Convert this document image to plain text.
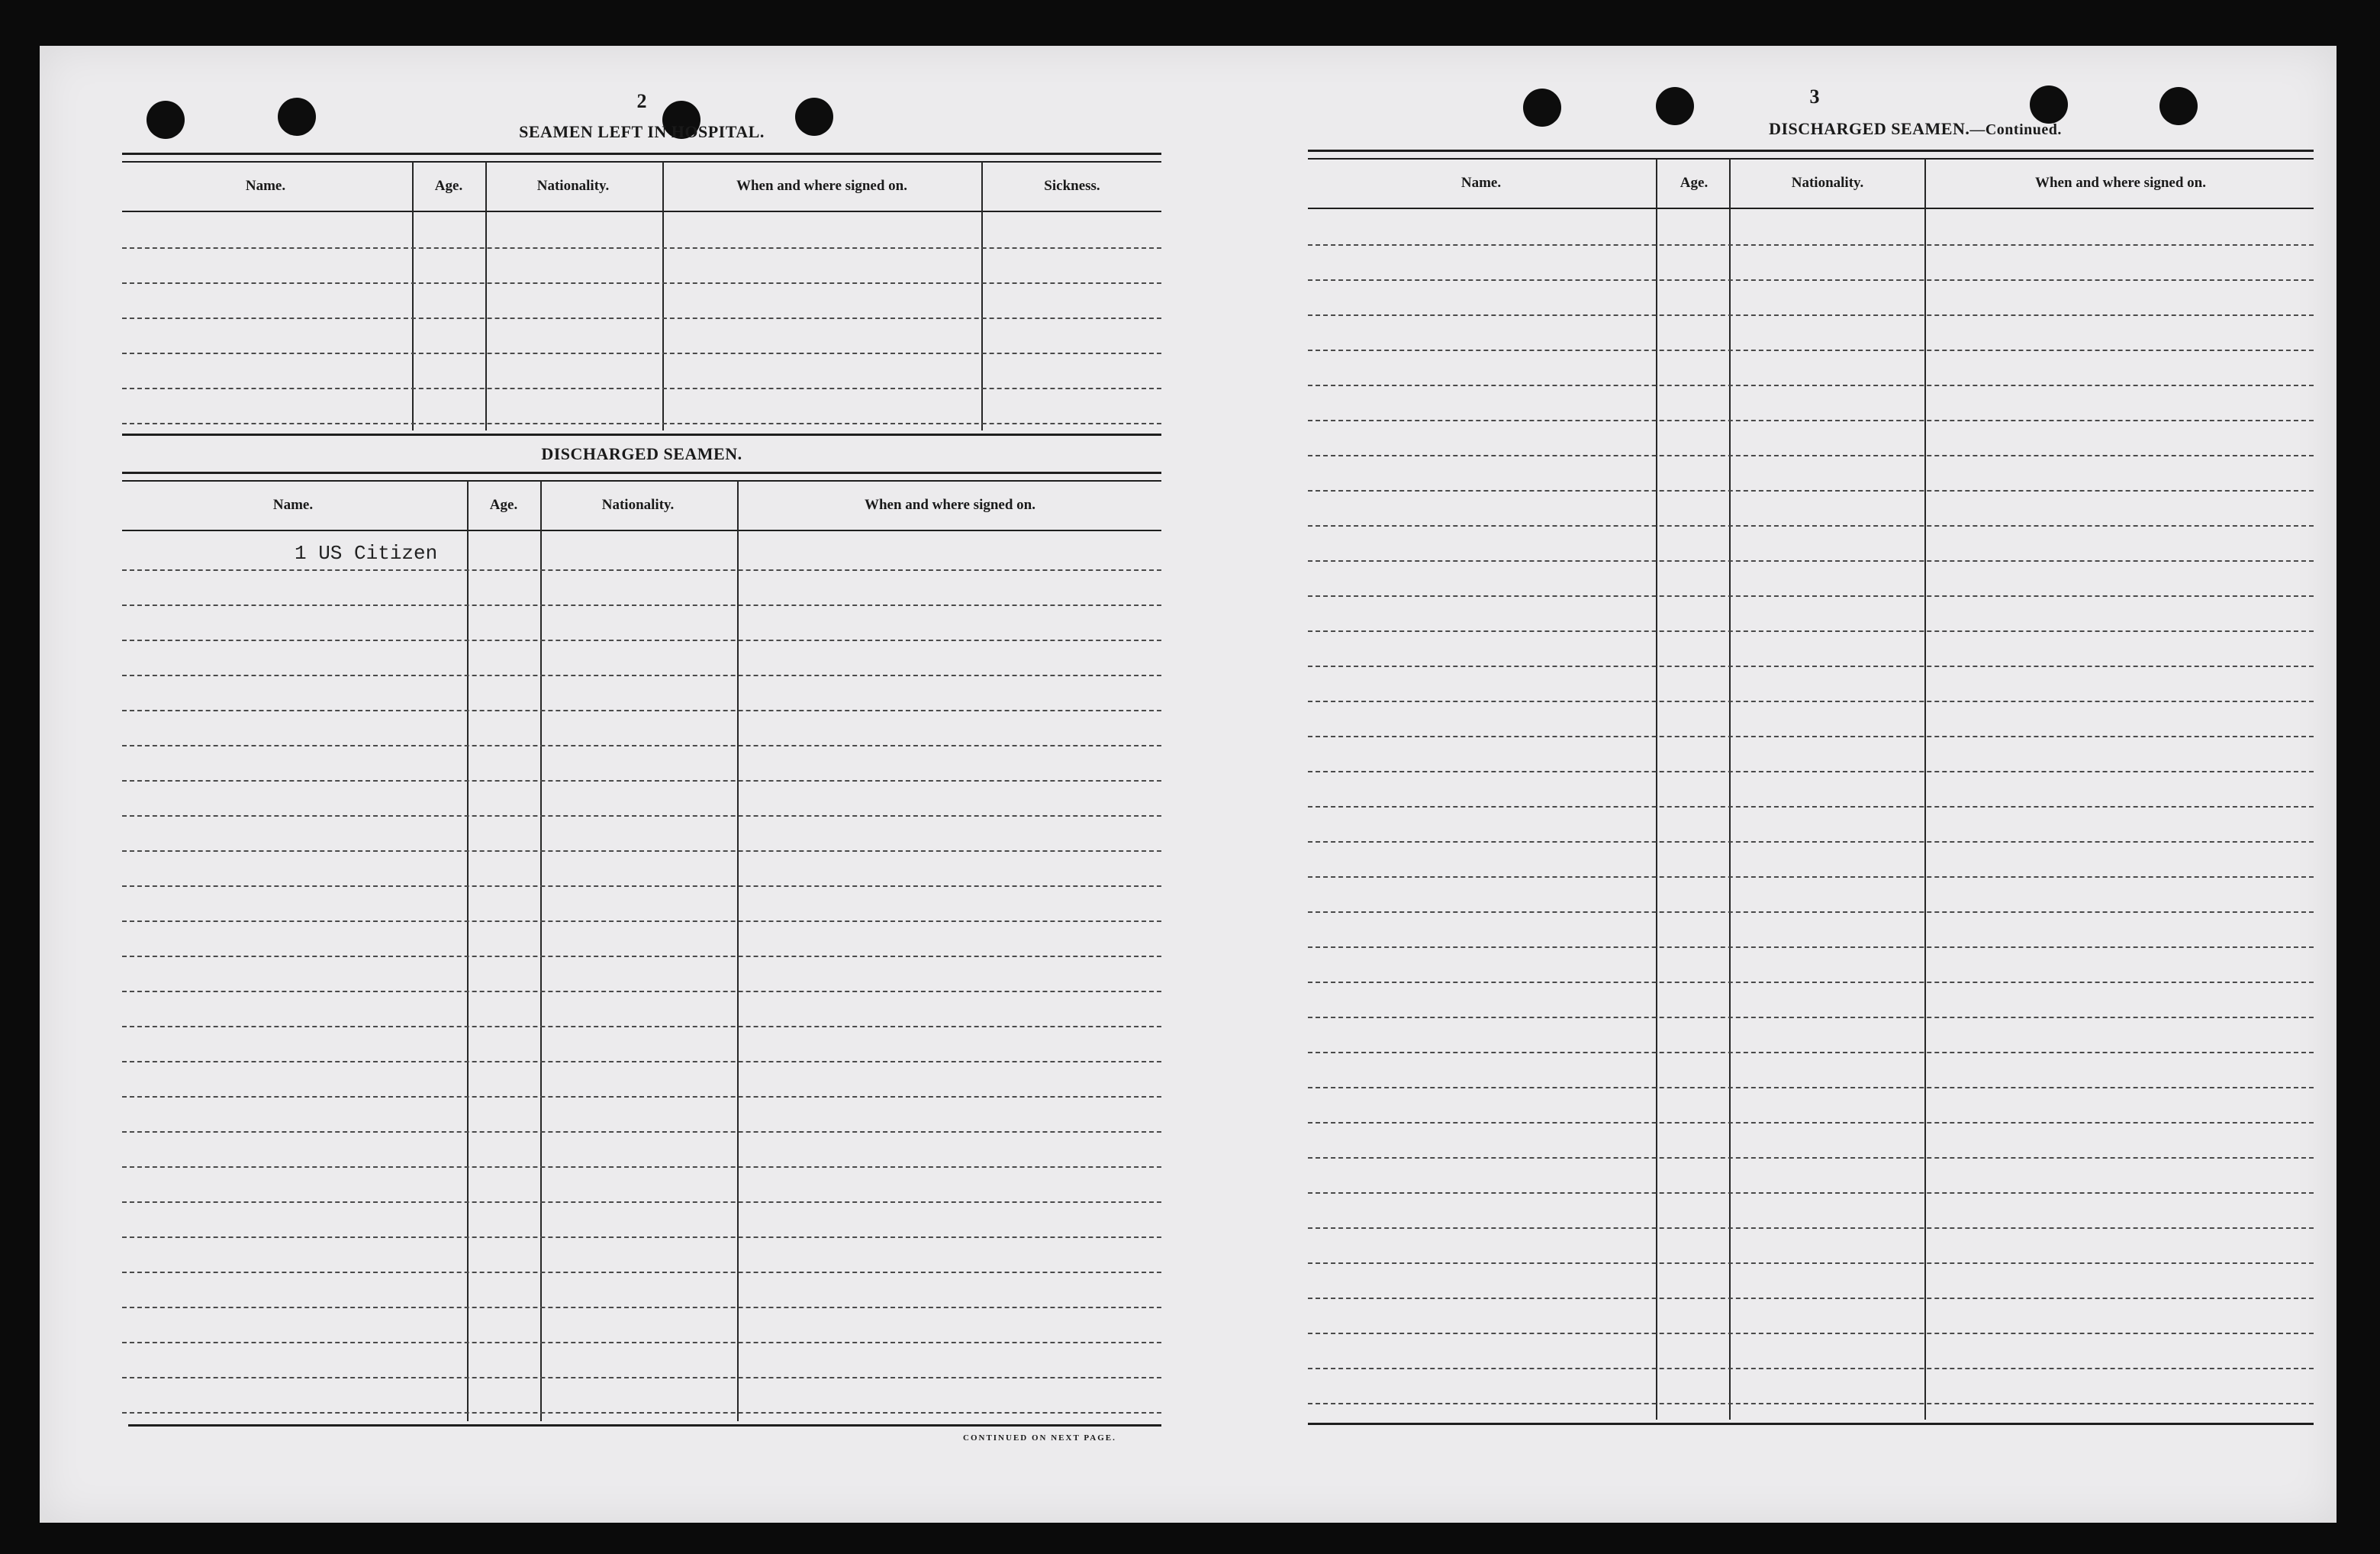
2
SEAMEN LEFT IN HOSPITAL.
Name.	Age.	Nationality.	When and where signed on.	Sickness.
DISCHARGED SEAMEN.
Name.	Age.	Nationality.	When and where signed on.
1 US Citizen
CONTINUED ON NEXT PAGE.
3
DISCHARGED SEAMEN.—Continued.
Name.	Age.	Nationality.	When and where signed on.
